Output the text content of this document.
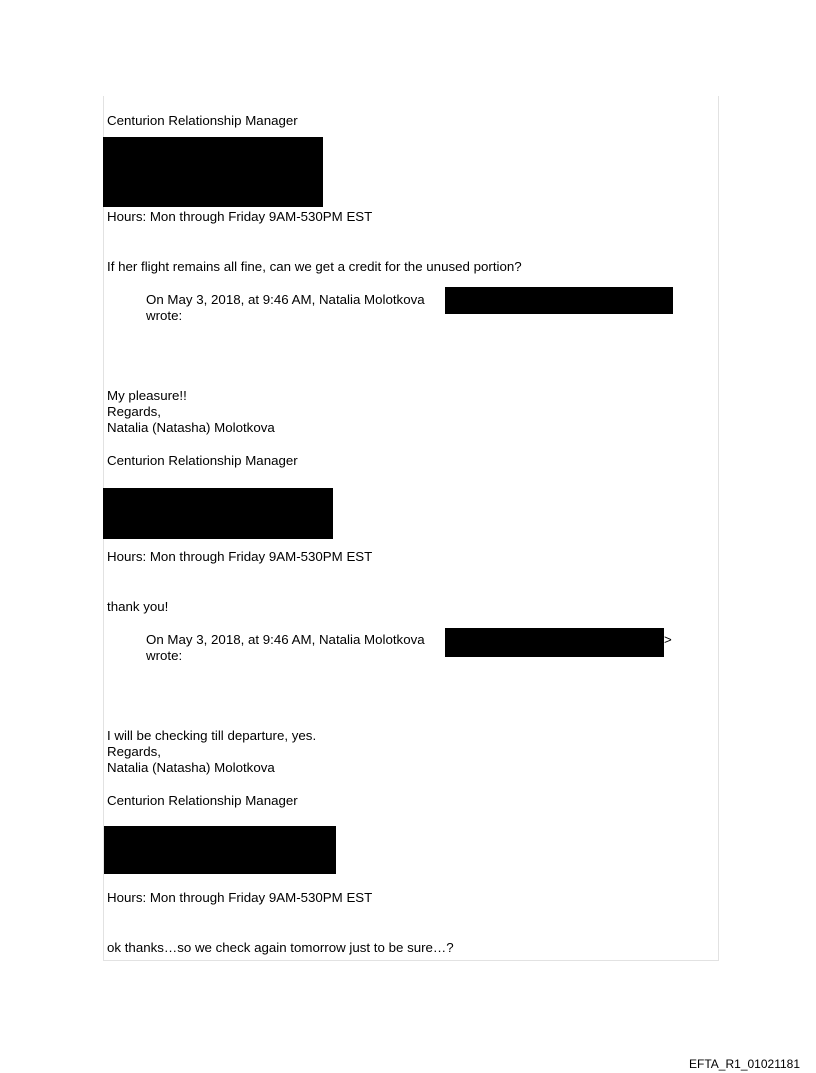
Centurion Relationship Manager
Hours: Mon through Friday 9AM-530PM EST
If her flight remains all fine, can we get a credit for the unused portion?
On May 3, 2018, at 9:46 AM, Natalia Molotkova
wrote:
My pleasure!!
Regards,
Natalia (Natasha) Molotkova
Centurion Relationship Manager
Hours: Mon through Friday 9AM-530PM EST
thank you!
On May 3, 2018, at 9:46 AM, Natalia Molotkova	>
wrote:
I will be checking till departure, yes.
Regards,
Natalia (Natasha) Molotkova
Centurion Relationship Manager
Hours: Mon through Friday 9AM-530PM EST
ok thanks…so we check again tomorrow just to be sure…?
EFTA_R1_01021181
